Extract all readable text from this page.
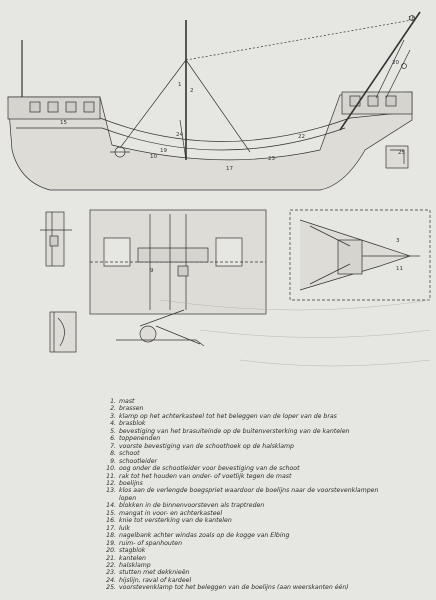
18
20
2
1
24
19
10
22
15
23
17
25
9
3
11
1. mast
2. brassen
3. klamp op het achterkasteel tot het beleggen van de loper van de bras
4. brasblok
5. bevestiging van het brasuiteinde op de buitenversterking van de kantelen
6. toppenenden
7. voorste bevestiging van de schoothoek op de halsklamp
8. schoot
9. schootleider
10. oog onder de schootleider voor bevestiging van de schoot
11. rak tot het houden van onder- of voetlijk tegen de mast
12. boelijns
13. klos aan de verlengde boegspriet waardoor de boelijns naar de voorstevenklampen
lopen
14. blokken in de binnenvoorsteven als traptreden
15. mangat in voor- en achterkasteel
16. knie tot versterking van de kantelen
17. luik
18. nagelbank achter windas zoals op de kogge van Elbing
19. ruim- of spanhouten
20. stagblok
21. kantelen
22. halsklamp
23. stutten met dekknieën
24. hijslijn, raval of kardeel
25. voorstevenklamp tot het beleggen van de boelijns (aan weerskanten één)
